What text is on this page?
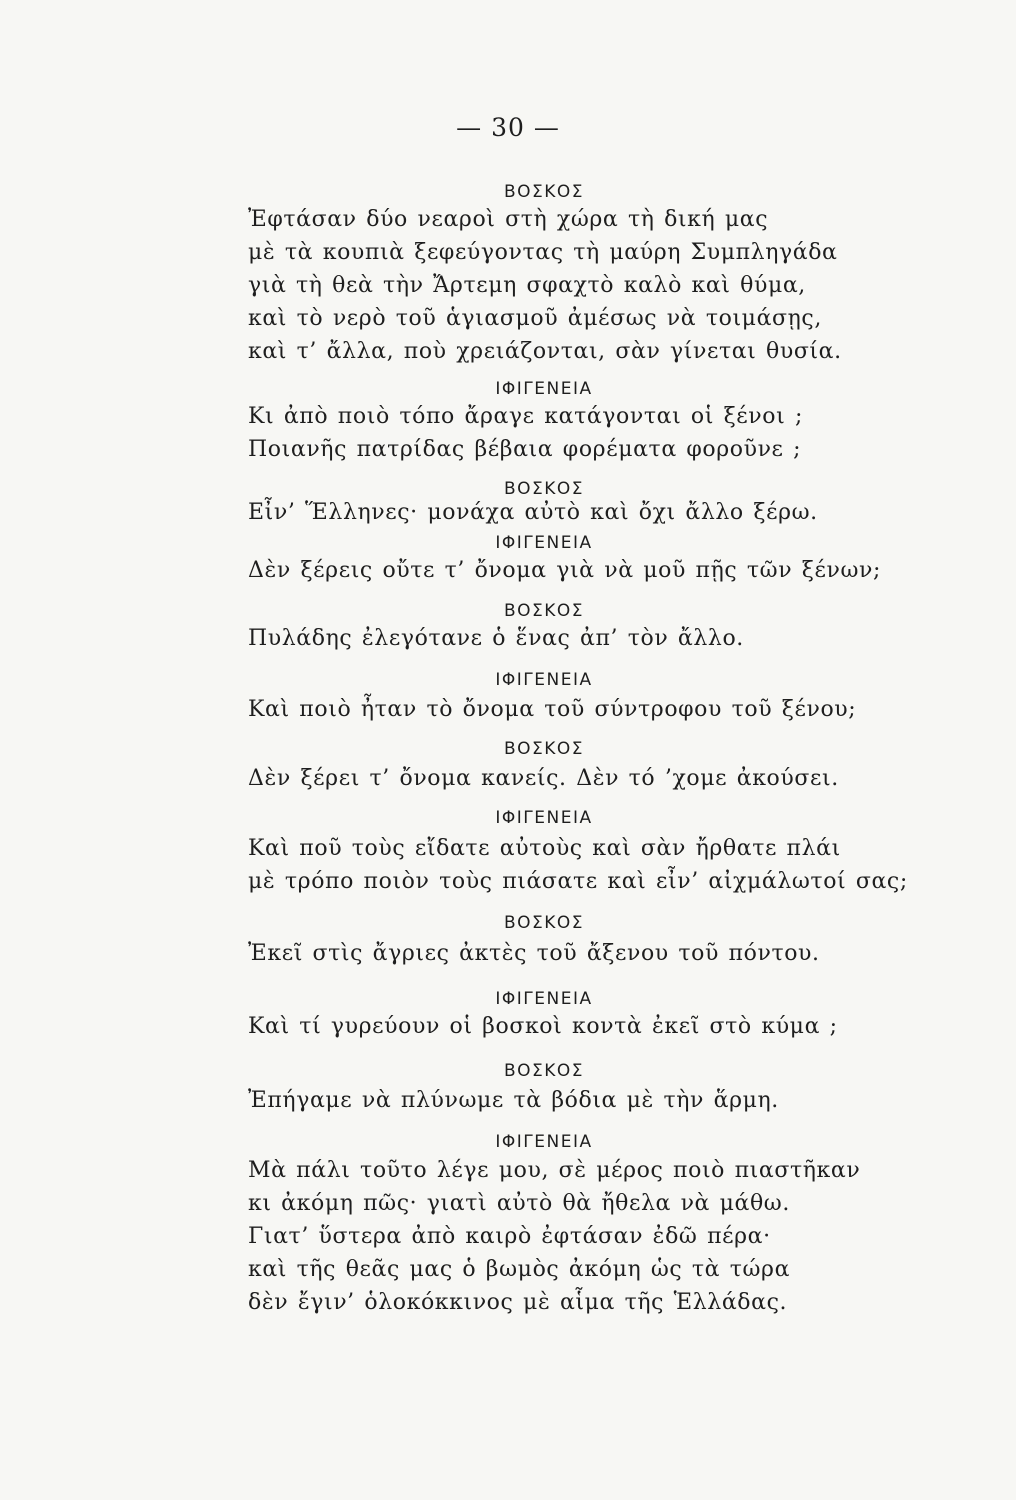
— 30 —
ΒΟΣΚΟΣ
Ἐφτάσαν δύο νεαροὶ στὴ χώρα τὴ δική μας
μὲ τὰ κουπιὰ ξεφεύγοντας τὴ μαύρη Συμπληγάδα
γιὰ τὴ θεὰ τὴν Ἄρτεμη σφαχτὸ καλὸ καὶ θύμα,
καὶ τὸ νερὸ τοῦ ἁγιασμοῦ ἀμέσως νὰ τοιμάσῃς,
καὶ τ’ ἄλλα, ποὺ χρειάζονται, σὰν γίνεται θυσία.
ΙΦΙΓΕΝΕΙΑ
Κι ἀπὸ ποιὸ τόπο ἄραγε κατάγονται οἱ ξένοι ;
Ποιανῆς πατρίδας βέβαια φορέματα φοροῦνε ;
ΒΟΣΚΟΣ
Εἶν’ Ἕλληνες· μονάχα αὐτὸ καὶ ὄχι ἄλλο ξέρω.
ΙΦΙΓΕΝΕΙΑ
Δὲν ξέρεις οὔτε τ’ ὄνομα γιὰ νὰ μοῦ πῇς τῶν ξένων;
ΒΟΣΚΟΣ
Πυλάδης ἐλεγότανε ὁ ἕνας ἀπ’ τὸν ἄλλο.
ΙΦΙΓΕΝΕΙΑ
Καὶ ποιὸ ἦταν τὸ ὄνομα τοῦ σύντροφου τοῦ ξένου;
ΒΟΣΚΟΣ
Δὲν ξέρει τ’ ὄνομα κανείς. Δὲν τό ’χομε ἀκούσει.
ΙΦΙΓΕΝΕΙΑ
Καὶ ποῦ τοὺς εἴδατε αὐτοὺς καὶ σὰν ἤρθατε πλάι
μὲ τρόπο ποιὸν τοὺς πιάσατε καὶ εἶν’ αἰχμάλωτοί σας;
ΒΟΣΚΟΣ
Ἐκεῖ στὶς ἄγριες ἀκτὲς τοῦ ἄξενου τοῦ πόντου.
ΙΦΙΓΕΝΕΙΑ
Καὶ τί γυρεύουν οἱ βοσκοὶ κοντὰ ἐκεῖ στὸ κύμα ;
ΒΟΣΚΟΣ
Ἐπήγαμε νὰ πλύνωμε τὰ βόδια μὲ τὴν ἅρμη.
ΙΦΙΓΕΝΕΙΑ
Μὰ πάλι τοῦτο λέγε μου, σὲ μέρος ποιὸ πιαστῆκαν
κι ἀκόμη πῶς· γιατὶ αὐτὸ θὰ ἤθελα νὰ μάθω.
Γιατ’ ὕστερα ἀπὸ καιρὸ ἐφτάσαν ἐδῶ πέρα·
καὶ τῆς θεᾶς μας ὁ βωμὸς ἀκόμη ὡς τὰ τώρα
δὲν ἔγιν’ ὁλοκόκκινος μὲ αἷμα τῆς Ἑλλάδας.
